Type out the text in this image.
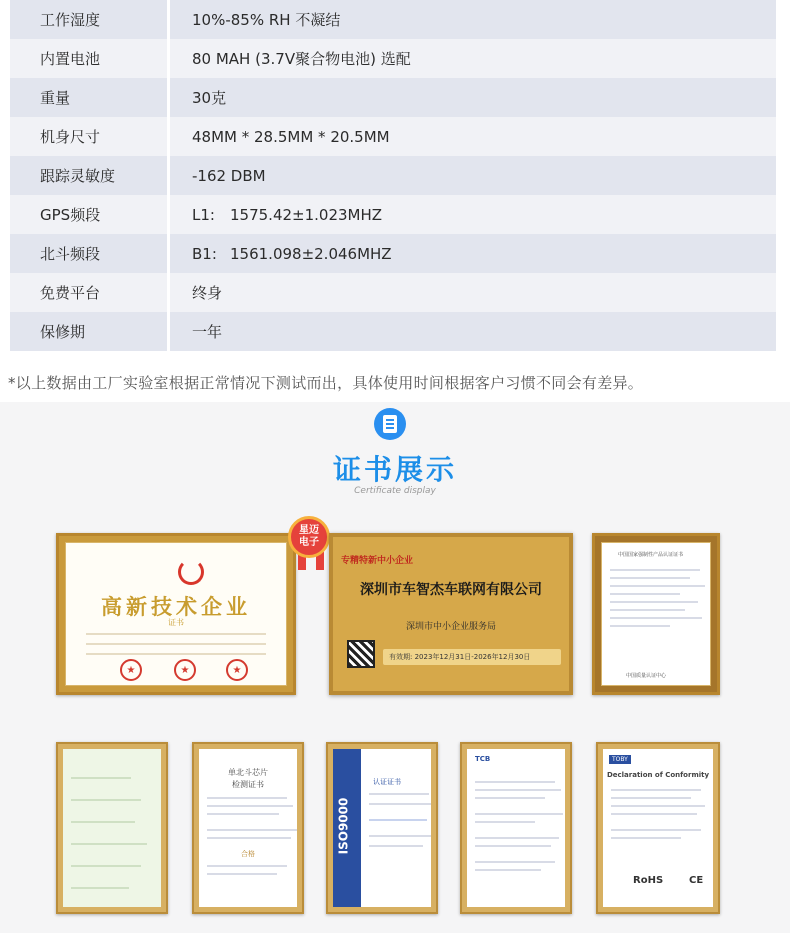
工作湿度	10%-85% RH 不凝结
内置电池	80 MAH (3.7V聚合物电池) 选配
重量	30克
机身尺寸	48MM * 28.5MM * 20.5MM
跟踪灵敏度	-162 DBM
GPS频段	L1:	1575.42±1.023MHZ
北斗频段	B1: 1561.098±2.046MHZ
免费平台	终身
保修期	一年
*以上数据由工厂实验室根据正常情况下测试而出，具体使用时间根据客户习惯不同会有差异。
证书展示
Certificate display
高新技术企业
证书
★	★	★
星迈
电子
专精特新中小企业
深圳市车智杰车联网有限公司
深圳市中小企业服务局
有效期: 2023年12月31日-2026年12月30日
中国国家强制性产品认证证书
中国质量认证中心
单北斗芯片
检测证书
合格	ISO9000
认证证书
TCB	TOBY
Declaration of Conformity
RoHS	CE
